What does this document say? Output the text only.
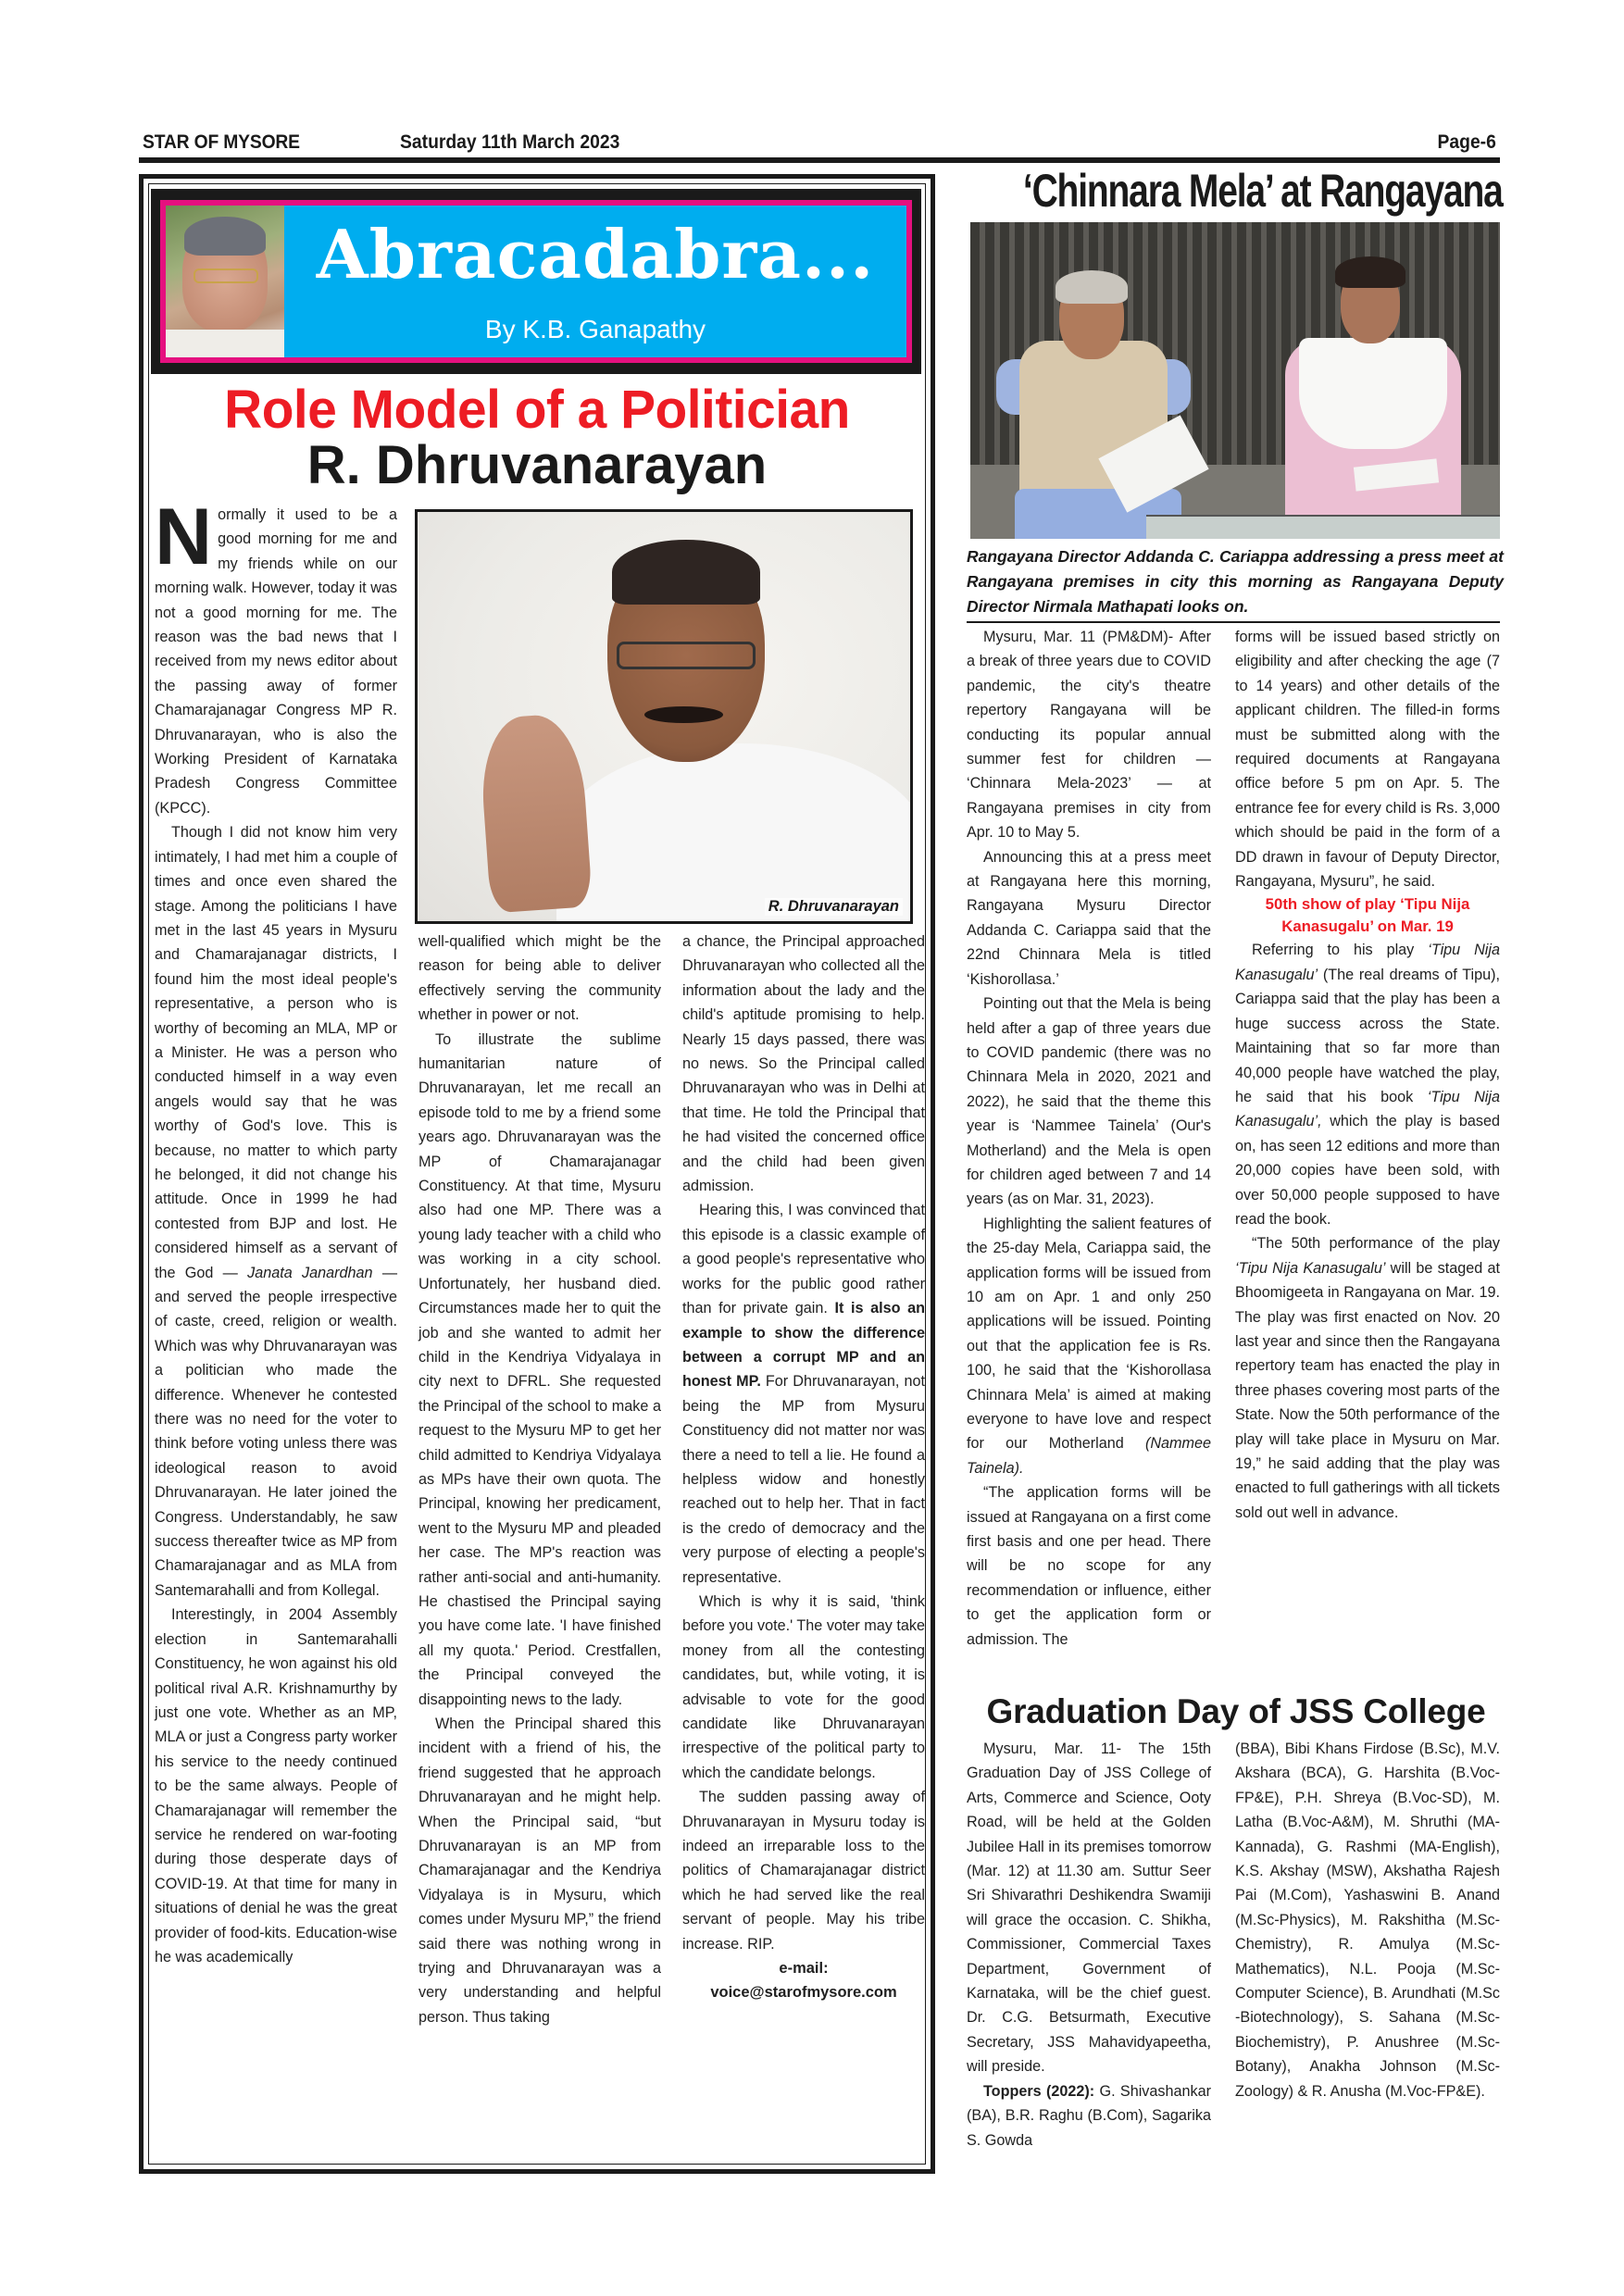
STAR OF MYSORE	Saturday 11th March 2023	Page-6
Abracadabra...
By K.B. Ganapathy
Role Model of a Politician
R. Dhruvanarayan

Normally it used to be a good morning for me and my friends while on our morning walk. However, today it was not a good morning for me. The reason was the bad news that I received from my news editor about the passing away of former Chamarajanagar Congress MP R. Dhruvanarayan, who is also the Working President of Karnataka Pradesh Congress Committee (KPCC).

Though I did not know him very intimately, I had met him a couple of times and once even shared the stage. Among the politicians I have met in the last 45 years in Mysuru and Chamarajanagar districts, I found him the most ideal people's representative, a person who is worthy of becoming an MLA, MP or a Minister. He was a person who conducted himself in a way even angels would say that he was worthy of God's love. This is because, no matter to which party he belonged, it did not change his attitude. Once in 1999 he had contested from BJP and lost. He considered himself as a servant of the God — Janata Janardhan — and served the people irrespective of caste, creed, religion or wealth. Which was why Dhruvanarayan was a politician who made the difference. Whenever he contested there was no need for the voter to think before voting unless there was ideological reason to avoid Dhruvanarayan. He later joined the Congress. Understandably, he saw success thereafter twice as MP from Chamarajanagar and as MLA from Santemarahalli and from Kollegal.

Interestingly, in 2004 Assembly election in Santemarahalli Constituency, he won against his old political rival A.R. Krishnamurthy by just one vote. Whether as an MP, MLA or just a Congress party worker his service to the needy continued to be the same always. People of Chamarajanagar will remember the service he rendered on war-footing during those desperate days of COVID-19. At that time for many in situations of denial he was the great provider of food-kits. Education-wise he was academically

R. Dhruvanarayan

well-qualified which might be the reason for being able to deliver effectively serving the community whether in power or not.

To illustrate the sublime humanitarian nature of Dhruvanarayan, let me recall an episode told to me by a friend some years ago. Dhruvanarayan was the MP of Chamarajanagar Constituency. At that time, Mysuru also had one MP. There was a young lady teacher with a child who was working in a city school. Unfortunately, her husband died. Circumstances made her to quit the job and she wanted to admit her child in the Kendriya Vidyalaya in city next to DFRL. She requested the Principal of the school to make a request to the Mysuru MP to get her child admitted to Kendriya Vidyalaya as MPs have their own quota. The Principal, knowing her predicament, went to the Mysuru MP and pleaded her case. The MP's reaction was rather anti-social and anti-humanity. He chastised the Principal saying you have come late. 'I have finished all my quota.' Period. Crestfallen, the Principal conveyed the disappointing news to the lady.

When the Principal shared this incident with a friend of his, the friend suggested that he approach Dhruvanarayan and he might help. When the Principal said, “but Dhruvanarayan is an MP from Chamarajanagar and the Kendriya Vidyalaya is in Mysuru, which comes under Mysuru MP,” the friend said there was nothing wrong in trying and Dhruvanarayan was a very understanding and helpful person. Thus taking

a chance, the Principal approached Dhruvanarayan who collected all the information about the lady and the child's aptitude promising to help. Nearly 15 days passed, there was no news. So the Principal called Dhruvanarayan who was in Delhi at that time. He told the Principal that he had visited the concerned office and the child had been given admission.

Hearing this, I was convinced that this episode is a classic example of a good people's representative who works for the public good rather than for private gain. It is also an example to show the difference between a corrupt MP and an honest MP. For Dhruvanarayan, not being the MP from Mysuru Constituency did not matter nor was there a need to tell a lie. He found a helpless widow and honestly reached out to help her. That in fact is the credo of democracy and the very purpose of electing a people's representative.

Which is why it is said, 'think before you vote.' The voter may take money from all the contesting candidates, but, while voting, it is advisable to vote for the good candidate like Dhruvanarayan irrespective of the political party to which the candidate belongs.

The sudden passing away of Dhruvanarayan in Mysuru today is indeed an irreparable loss to the politics of Chamarajanagar district which he had served like the real servant of people. May his tribe increase. RIP.

e-mail:
voice@starofmysore.com
‘Chinnara Mela’ at Rangayana
Rangayana Director Addanda C. Cariappa addressing a press meet at Rangayana premises in city this morning as Rangayana Deputy Director Nirmala Mathapati looks on.

Mysuru, Mar. 11 (PM&DM)- After a break of three years due to COVID pandemic, the city's theatre repertory Rangayana will be conducting its popular annual summer fest for children — ‘Chinnara Mela-2023’ — at Rangayana premises in city from Apr. 10 to May 5.

Announcing this at a press meet at Rangayana here this morning, Rangayana Mysuru Director Addanda C. Cariappa said that the 22nd Chinnara Mela is titled ‘Kishorollasa.’

Pointing out that the Mela is being held after a gap of three years due to COVID pandemic (there was no Chinnara Mela in 2020, 2021 and 2022), he said that the theme this year is ‘Nammee Tainela’ (Our's Motherland) and the Mela is open for children aged between 7 and 14 years (as on Mar. 31, 2023).

Highlighting the salient features of the 25-day Mela, Cariappa said, the application forms will be issued from 10 am on Apr. 1 and only 250 applications will be issued. Pointing out that the application fee is Rs. 100, he said that the ‘Kishorollasa Chinnara Mela’ is aimed at making everyone to have love and respect for our Motherland (Nammee Tainela).

“The application forms will be issued at Rangayana on a first come first basis and one per head. There will be no scope for any recommendation or influence, either to get the application form or admission. The

forms will be issued based strictly on eligibility and after checking the age (7 to 14 years) and other details of the applicant children. The filled-in forms must be submitted along with the required documents at Rangayana office before 5 pm on Apr. 5. The entrance fee for every child is Rs. 3,000 which should be paid in the form of a DD drawn in favour of Deputy Director, Rangayana, Mysuru”, he said.

50th show of play ‘Tipu Nija Kanasugalu’ on Mar. 19

Referring to his play ‘Tipu Nija Kanasugalu’ (The real dreams of Tipu), Cariappa said that the play has been a huge success across the State. Maintaining that so far more than 40,000 people have watched the play, he said that his book ‘Tipu Nija Kanasugalu’, which the play is based on, has seen 12 editions and more than 20,000 copies have been sold, with over 50,000 people supposed to have read the book.

“The 50th performance of the play ‘Tipu Nija Kanasugalu’ will be staged at Bhoomigeeta in Rangayana on Mar. 19. The play was first enacted on Nov. 20 last year and since then the Rangayana repertory team has enacted the play in three phases covering most parts of the State. Now the 50th performance of the play will take place in Mysuru on Mar. 19,” he said adding that the play was enacted to full gatherings with all tickets sold out well in advance.

Graduation Day of JSS College

Mysuru, Mar. 11- The 15th Graduation Day of JSS College of Arts, Commerce and Science, Ooty Road, will be held at the Golden Jubilee Hall in its premises tomorrow (Mar. 12) at 11.30 am. Suttur Seer Sri Shivarathri Deshikendra Swamiji will grace the occasion. C. Shikha, Commissioner, Commercial Taxes Department, Government of Karnataka, will be the chief guest. Dr. C.G. Betsurmath, Executive Secretary, JSS Mahavidyapeetha, will preside.

Toppers (2022): G. Shivashankar (BA), B.R. Raghu (B.Com), Sagarika S. Gowda

(BBA), Bibi Khans Firdose (B.Sc), M.V. Akshara (BCA), G. Harshita (B.Voc-FP&E), P.H. Shreya (B.Voc-SD), M. Latha (B.Voc-A&M), M. Shruthi (MA-Kannada), G. Rashmi (MA-English), K.S. Akshay (MSW), Akshatha Rajesh Pai (M.Com), Yashaswini B. Anand (M.Sc-Physics), M. Rakshitha (M.Sc-Chemistry), R. Amulya (M.Sc-Mathematics), N.L. Pooja (M.Sc-Computer Science), B. Arundhati (M.Sc -Biotechnology), S. Sahana (M.Sc-Biochemistry), P. Anushree (M.Sc-Botany), Anakha Johnson (M.Sc-Zoology) & R. Anusha (M.Voc-FP&E).
